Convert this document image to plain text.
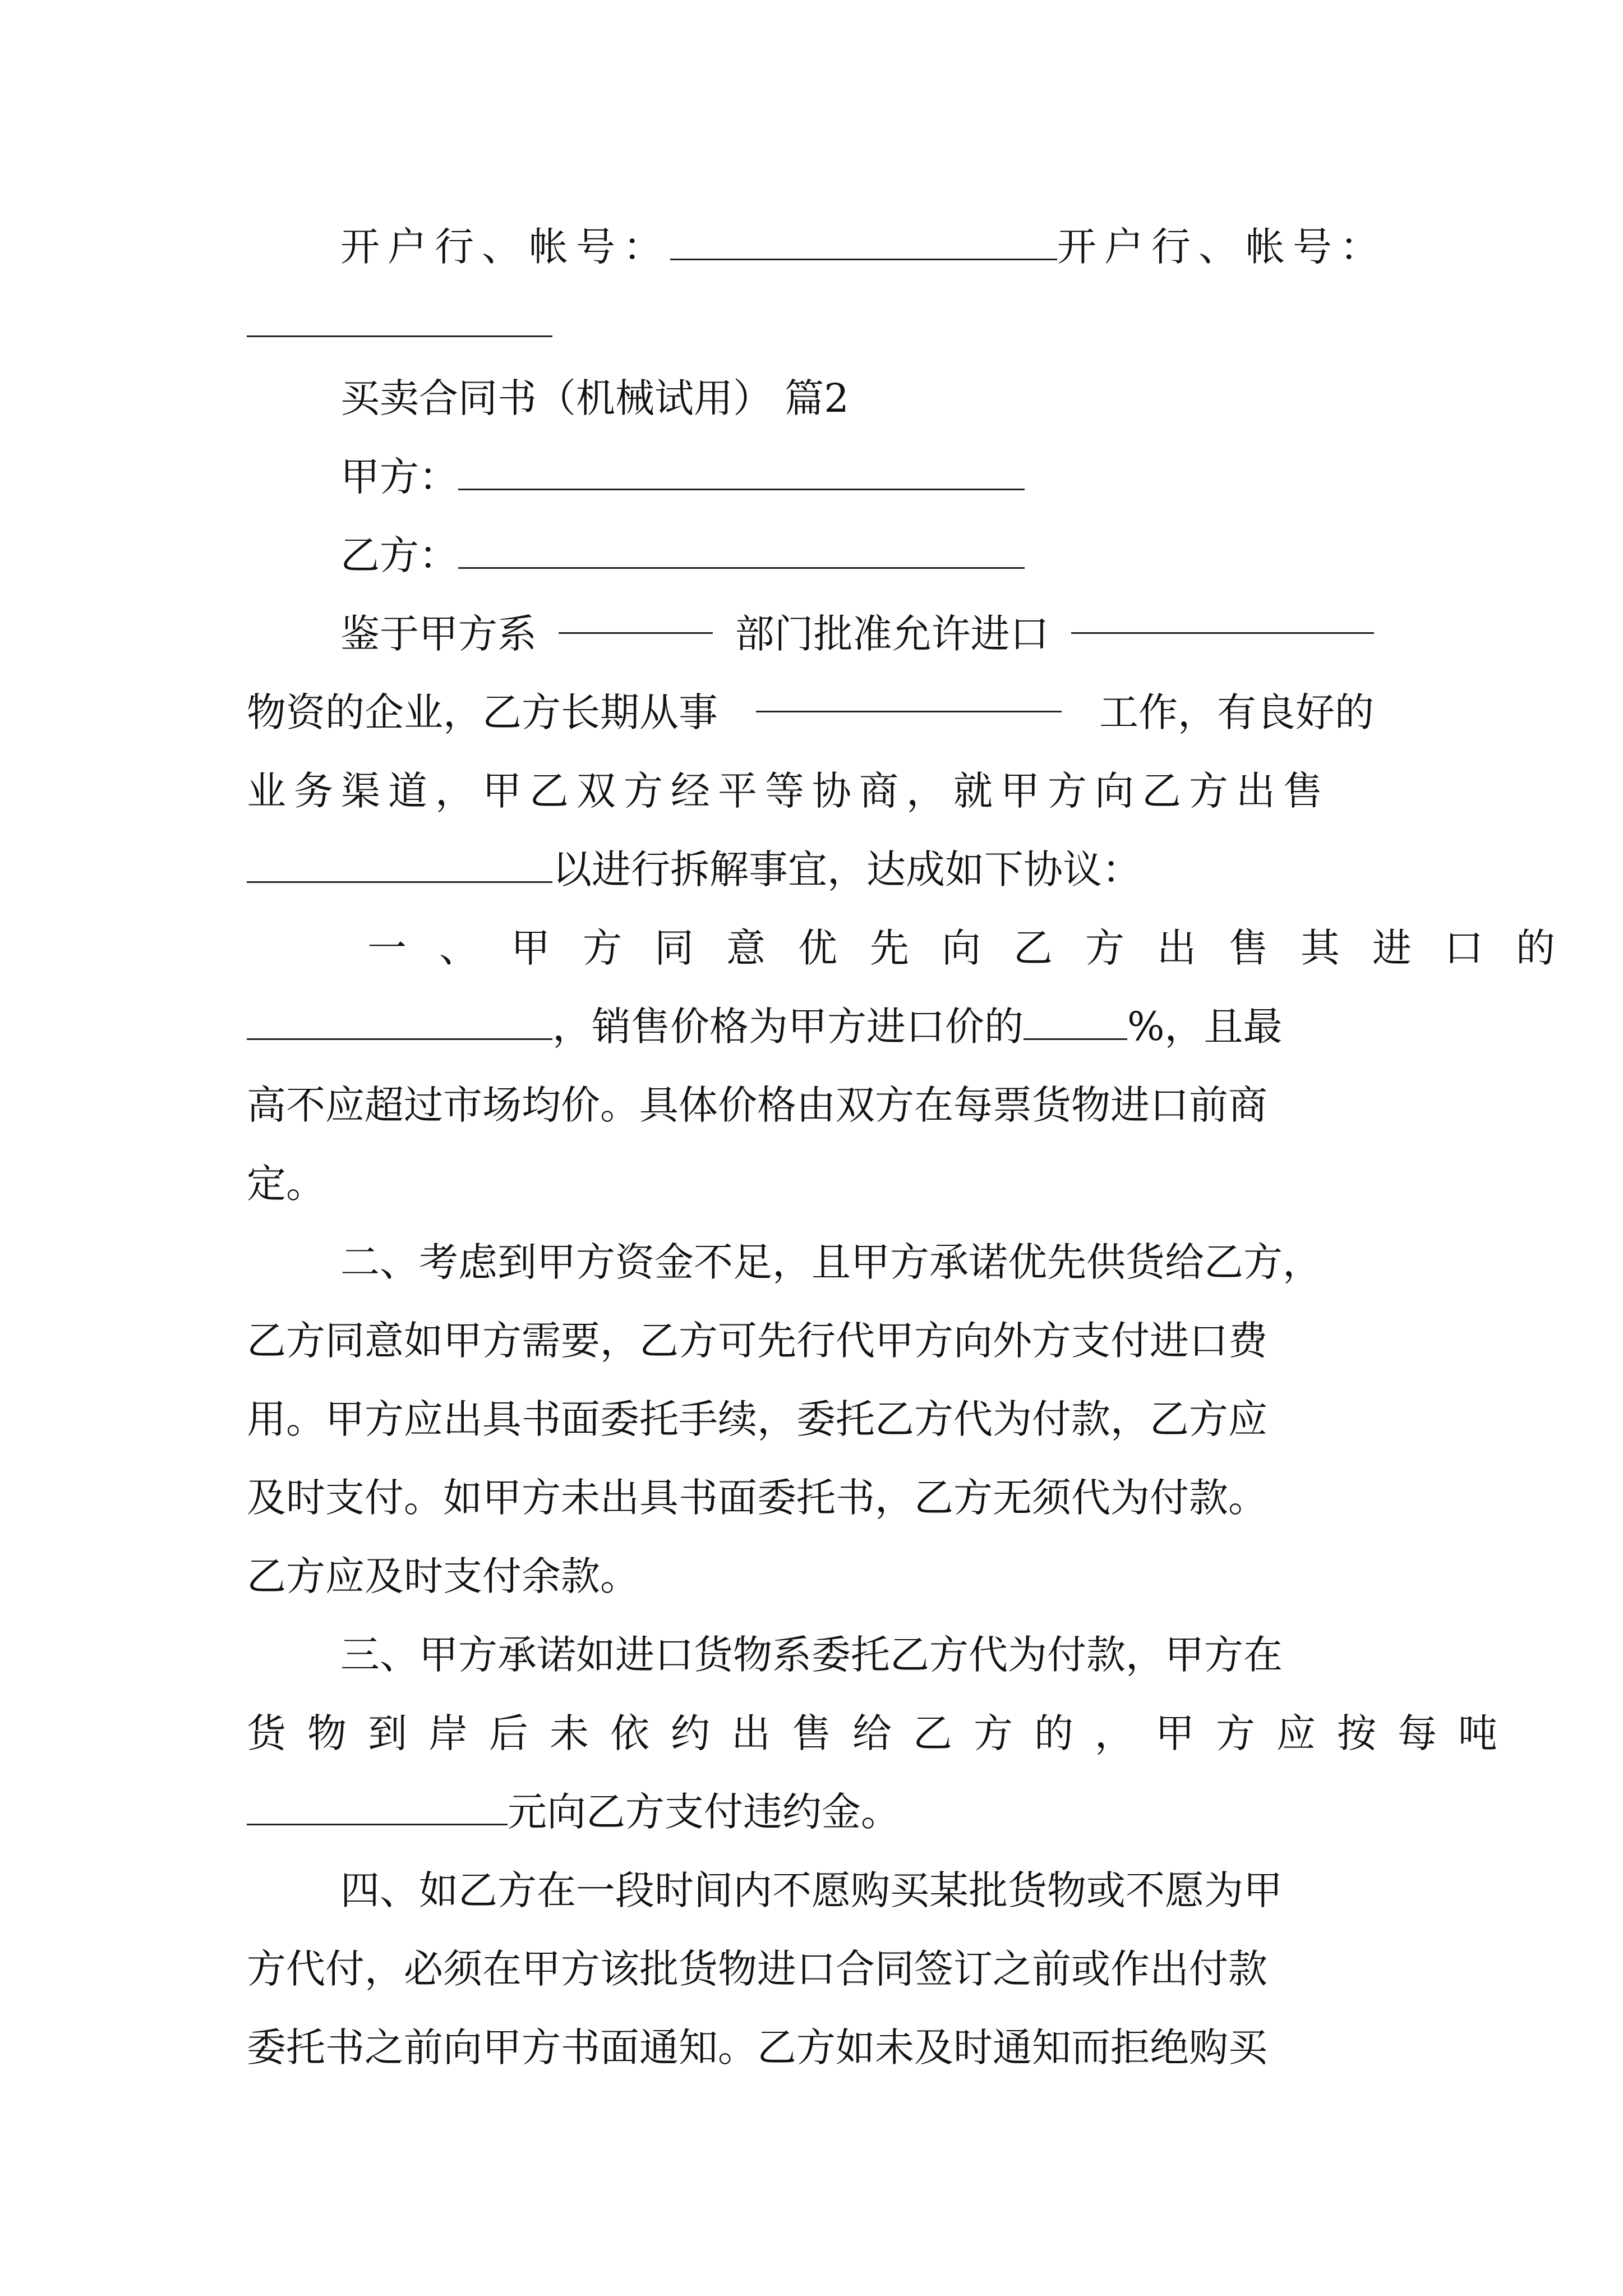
开户行、帐号：	开户行、帐号：
买卖合同书（机械试用） 篇2
甲方：
乙方：
鉴于甲方系	部门批准允许进口
物资的企业，乙方长期从事	工作，有良好的
业务渠道，甲乙双方经平等协商，就甲方向乙方出售
以进行拆解事宜，达成如下协议：
一、甲方同意优先向乙方出售其进口的
，销售价格为甲方进口价的	%，且最
高不应超过市场均价。具体价格由双方在每票货物进口前商
定。
二、考虑到甲方资金不足，且甲方承诺优先供货给乙方，
乙方同意如甲方需要，乙方可先行代甲方向外方支付进口费
用。甲方应出具书面委托手续，委托乙方代为付款，乙方应
及时支付。如甲方未出具书面委托书，乙方无须代为付款。
乙方应及时支付余款。
三、甲方承诺如进口货物系委托乙方代为付款，甲方在
货物到岸后未依约出售给乙方的，甲方应按每吨
元向乙方支付违约金。
四、如乙方在一段时间内不愿购买某批货物或不愿为甲
方代付，必须在甲方该批货物进口合同签订之前或作出付款
委托书之前向甲方书面通知。乙方如未及时通知而拒绝购买
